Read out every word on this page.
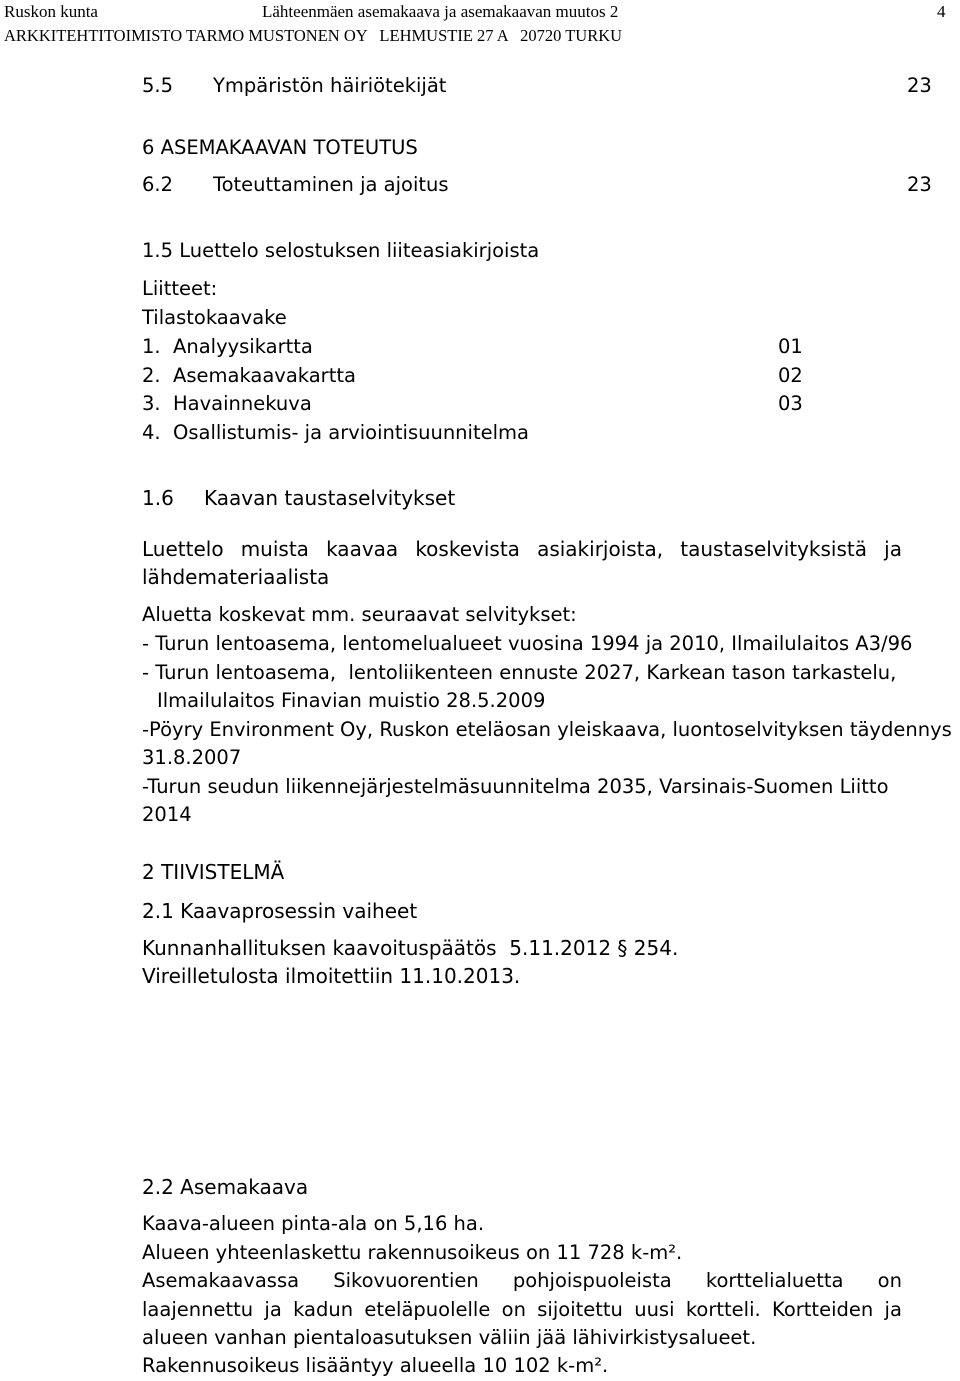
Ruskon kunta	Lähteenmäen asemakaava ja asemakaavan muutos 2	4
ARKKITEHTITOIMISTO TARMO MUSTONEN OY   LEHMUSTIE 27 A   20720 TURKU
5.5 Ympäristön häiriötekijät	23
6 ASEMAKAAVAN TOTEUTUS
6.2 Toteuttaminen ja ajoitus	23
1.5 Luettelo selostuksen liiteasiakirjoista
Liitteet:
Tilastokaavake
1.  Analyysikartta	01
2.  Asemakaavakartta	02
3.  Havainnekuva	03
4.  Osallistumis- ja arviointisuunnitelma
1.6 Kaavan taustaselvitykset
Luettelo muista kaavaa koskevista asiakirjoista, taustaselvityksistä ja
lähdemateriaalista
Aluetta koskevat mm. seuraavat selvitykset:
- Turun lentoasema, lentomelualueet vuosina 1994 ja 2010, Ilmailulaitos A3/96
- Turun lentoasema,  lentoliikenteen ennuste 2027, Karkean tason tarkastelu,
Ilmailulaitos Finavian muistio 28.5.2009
-Pöyry Environment Oy, Ruskon eteläosan yleiskaava, luontoselvityksen täydennys
31.8.2007
-Turun seudun liikennejärjestelmäsuunnitelma 2035, Varsinais-Suomen Liitto
2014
2 TIIVISTELMÄ
2.1 Kaavaprosessin vaiheet
Kunnanhallituksen kaavoituspäätös  5.11.2012 § 254.
Vireilletulosta ilmoitettiin 11.10.2013.
2.2 Asemakaava
Kaava-alueen pinta-ala on 5,16 ha.
Alueen yhteenlaskettu rakennusoikeus on 11 728 k-m².
Asemakaavassa Sikovuorentien pohjoispuoleista korttelialuetta on
laajennettu ja kadun eteläpuolelle on sijoitettu uusi kortteli. Kortteiden ja
alueen vanhan pientaloasutuksen väliin jää lähivirkistysalueet.
Rakennusoikeus lisääntyy alueella 10 102 k-m².
